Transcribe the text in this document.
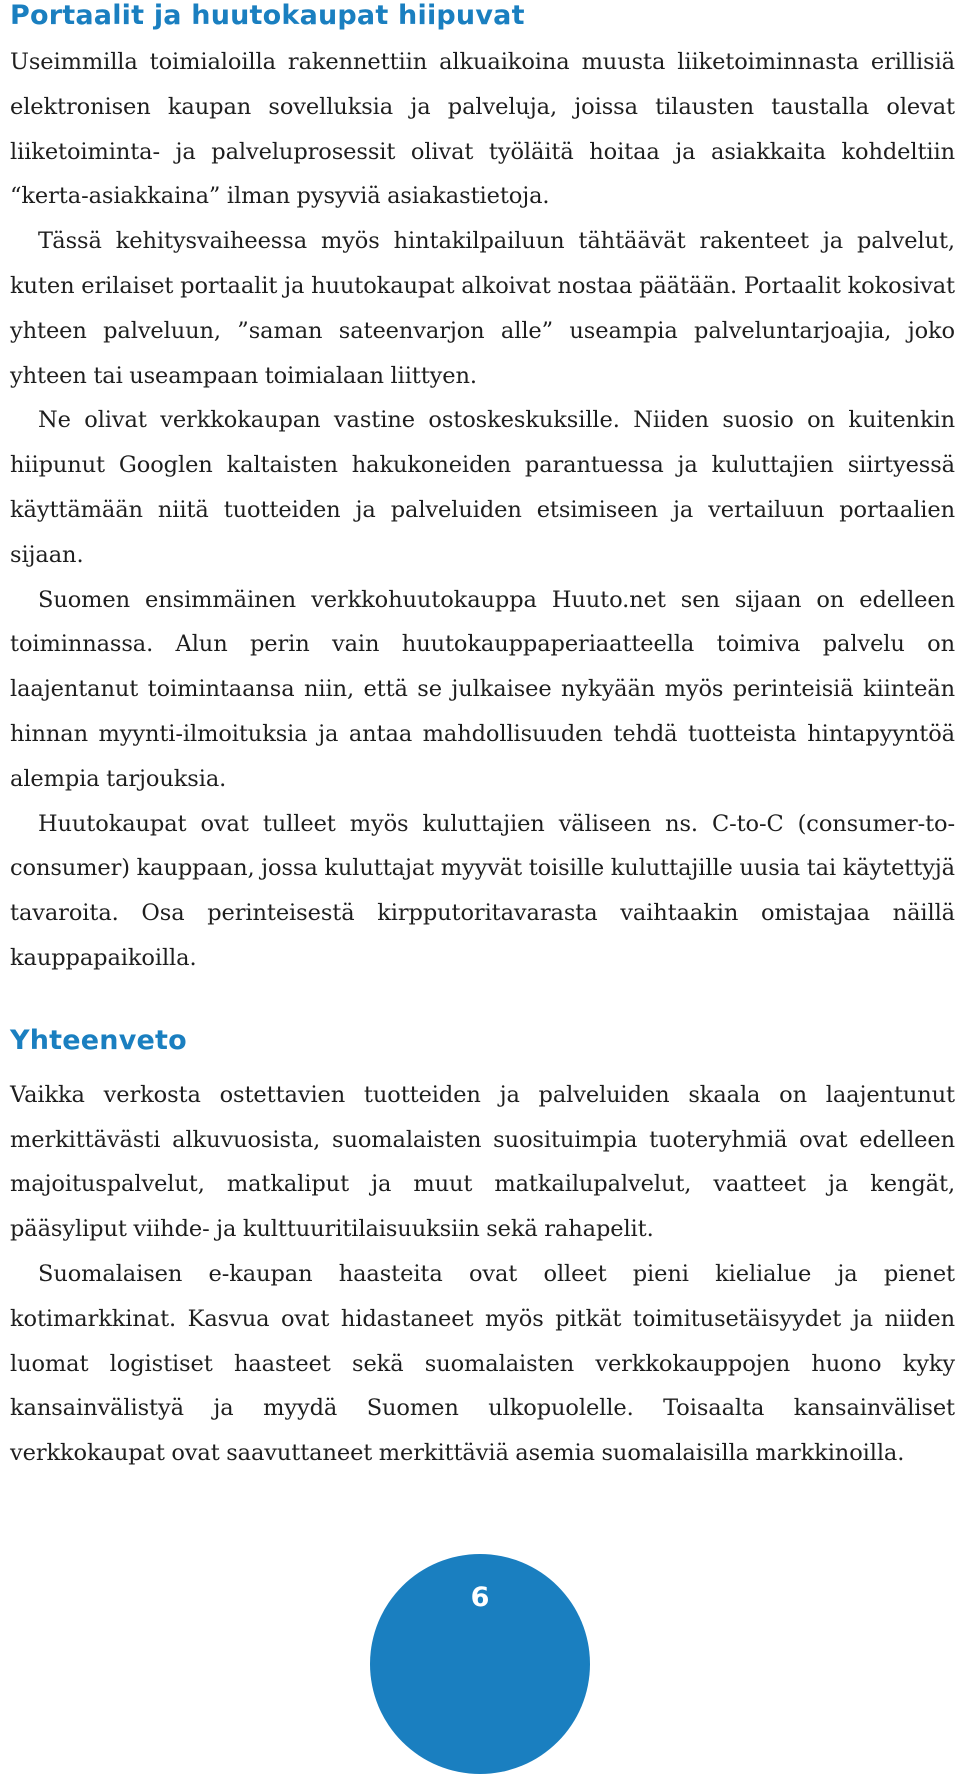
Portaalit ja huutokaupat hiipuvat

Useimmilla toimialoilla rakennettiin alkuaikoina muusta liiketoiminnasta erillisiä elektronisen kaupan sovelluksia ja palveluja, joissa tilausten taustalla olevat liiketoiminta- ja palveluprosessit olivat työläitä hoitaa ja asiakkaita kohdeltiin “kerta-asiakkaina” ilman pysyviä asiakastietoja.

Tässä kehitysvaiheessa myös hintakilpailuun tähtäävät rakenteet ja palvelut, kuten erilaiset portaalit ja huutokaupat alkoivat nostaa päätään. Portaalit kokosivat yhteen palveluun, ”saman sateenvarjon alle” useampia palveluntarjoajia, joko yhteen tai useampaan toimialaan liittyen.

Ne olivat verkkokaupan vastine ostoskeskuksille. Niiden suosio on kuitenkin hiipunut Googlen kaltaisten hakukoneiden parantuessa ja kuluttajien siirtyessä käyttämään niitä tuotteiden ja palveluiden etsimiseen ja vertailuun portaalien sijaan.

Suomen ensimmäinen verkkohuutokauppa Huuto.net sen sijaan on edelleen toiminnassa. Alun perin vain huutokauppaperiaatteella toimiva palvelu on laajentanut toimintaansa niin, että se julkaisee nykyään myös perinteisiä kiinteän hinnan myynti-ilmoituksia ja antaa mahdollisuuden tehdä tuotteista hintapyyntöä alempia tarjouksia.

Huutokaupat ovat tulleet myös kuluttajien väliseen ns. C-to-C (consumer-to-consumer) kauppaan, jossa kuluttajat myyvät toisille kuluttajille uusia tai käytettyjä tavaroita. Osa perinteisestä kirpputoritavarasta vaihtaakin omistajaa näillä kauppapaikoilla.

Yhteenveto

Vaikka verkosta ostettavien tuotteiden ja palveluiden skaala on laajentunut merkittävästi alkuvuosista, suomalaisten suosituimpia tuoteryhmiä ovat edelleen majoituspalvelut, matkaliput ja muut matkailupalvelut, vaatteet ja kengät, pääsyliput viihde- ja kulttuuritilaisuuksiin sekä rahapelit.

Suomalaisen e-kaupan haasteita ovat olleet pieni kielialue ja pienet kotimarkkinat. Kasvua ovat hidastaneet myös pitkät toimitusetäisyydet ja niiden luomat logistiset haasteet sekä suomalaisten verkkokauppojen huono kyky kansainvälistyä ja myydä Suomen ulkopuolelle. Toisaalta kansainväliset verkkokaupat ovat saavuttaneet merkittäviä asemia suomalaisilla markkinoilla.

6
